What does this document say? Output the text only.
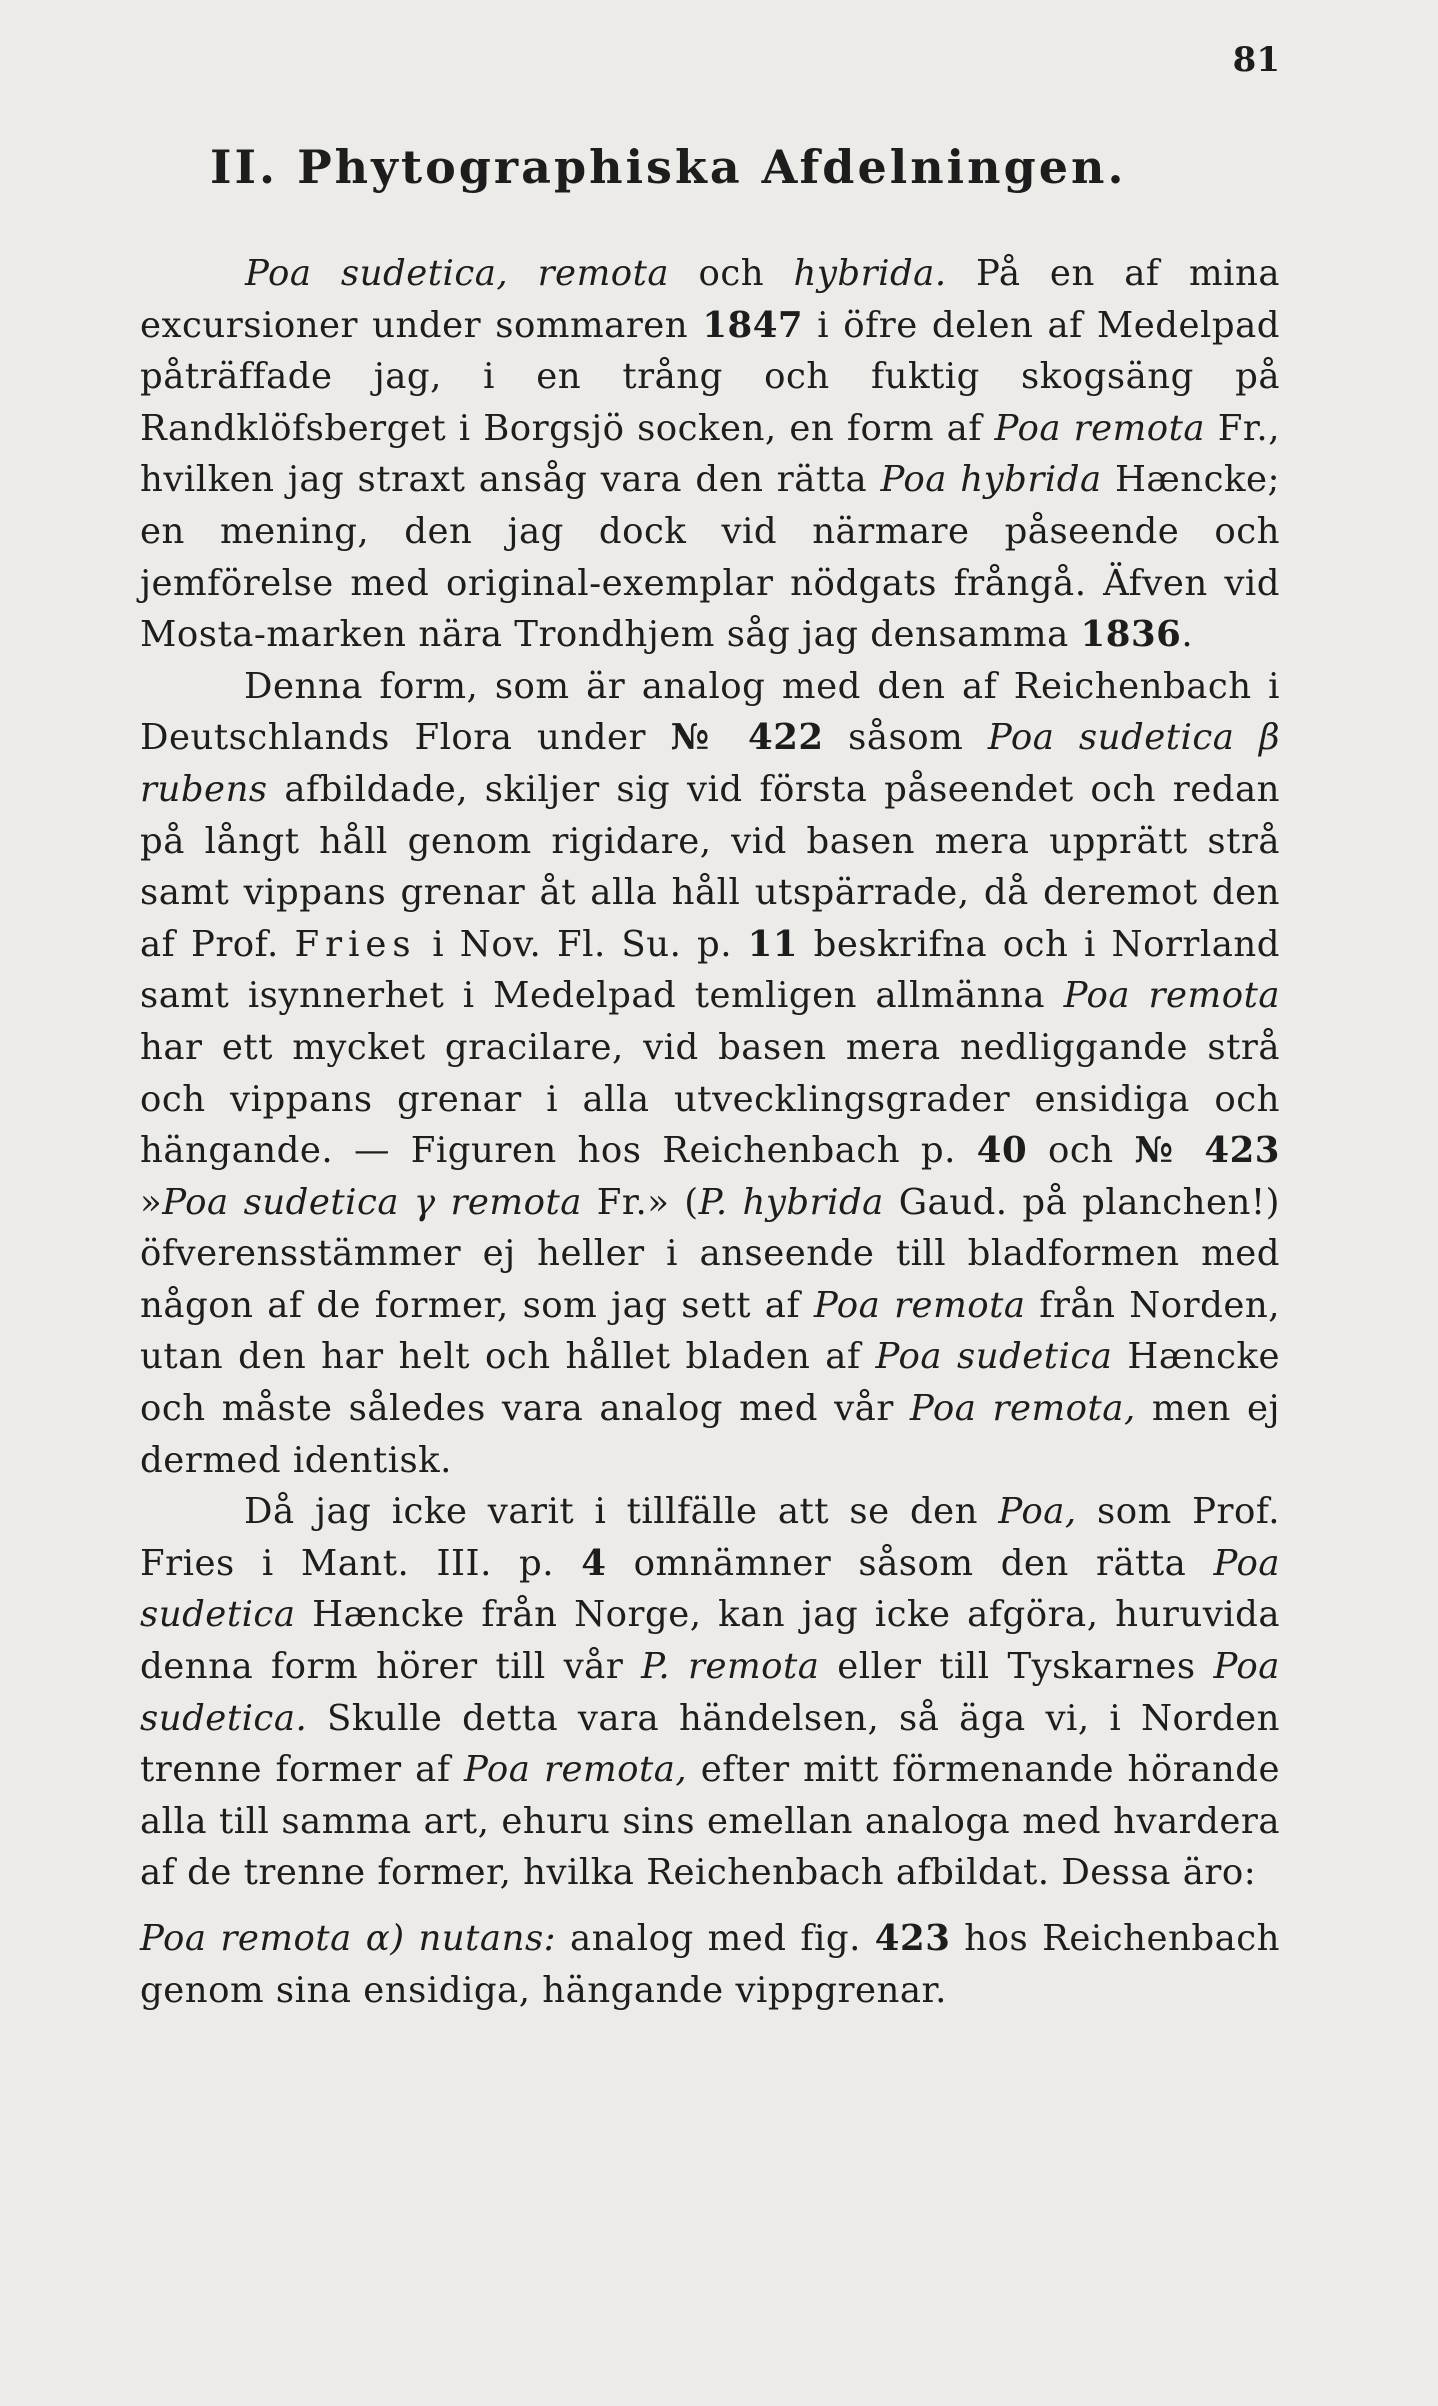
81
II. Phytographiska Afdelningen.

Poa sudetica, remota och hybrida. På en af mina excursioner under sommaren 1847 i öfre delen af Medelpad påträffade jag, i en trång och fuktig skogsäng på Randklöfsberget i Borgsjö socken, en form af Poa remota Fr., hvilken jag straxt ansåg vara den rätta Poa hybrida Hæncke; en mening, den jag dock vid närmare påseende och jemförelse med original-exemplar nödgats frångå. Äfven vid Mosta-marken nära Trondhjem såg jag densamma 1836.

Denna form, som är analog med den af Reichenbach i Deutschlands Flora under № 422 såsom Poa sudetica β rubens afbildade, skiljer sig vid första påseendet och redan på långt håll genom rigidare, vid basen mera upprätt strå samt vippans grenar åt alla håll utspärrade, då deremot den af Prof. Fries i Nov. Fl. Su. p. 11 beskrifna och i Norrland samt isynnerhet i Medelpad temligen allmänna Poa remota har ett mycket gracilare, vid basen mera nedliggande strå och vippans grenar i alla utvecklingsgrader ensidiga och hängande. — Figuren hos Reichenbach p. 40 och № 423 »Poa sudetica γ remota Fr.» (P. hybrida Gaud. på planchen!) öfverensstämmer ej heller i anseende till bladformen med någon af de former, som jag sett af Poa remota från Norden, utan den har helt och hållet bladen af Poa sudetica Hæncke och måste således vara analog med vår Poa remota, men ej dermed identisk.

Då jag icke varit i tillfälle att se den Poa, som Prof. Fries i Mant. III. p. 4 omnämner såsom den rätta Poa sudetica Hæncke från Norge, kan jag icke afgöra, huruvida denna form hörer till vår P. remota eller till Tyskarnes Poa sudetica. Skulle detta vara händelsen, så äga vi, i Norden trenne former af Poa remota, efter mitt förmenande hörande alla till samma art, ehuru sins emellan analoga med hvardera af de trenne former, hvilka Reichenbach afbildat. Dessa äro:

Poa remota α) nutans: analog med fig. 423 hos Reichenbach genom sina ensidiga, hängande vippgrenar.
